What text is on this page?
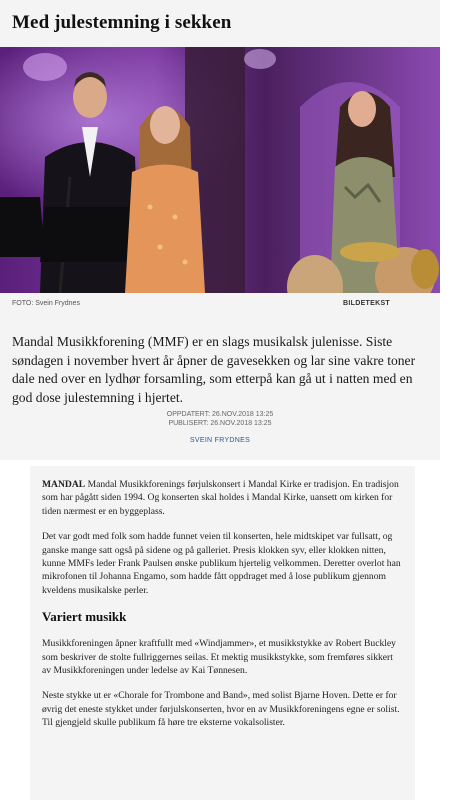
Med julestemning i sekken
FOTO: Svein Frydnes	BILDETEKST

Mandal Musikkforening (MMF) er en slags musikalsk julenisse. Siste søndagen i november hvert år åpner de gavesekken og lar sine vakre toner dale ned over en lydhør forsamling, som etterpå kan gå ut i natten med en god dose julestemning i hjertet.

OPPDATERT: 26.NOV.2018 13:25
PUBLISERT: 26.NOV.2018 13:25
SVEIN FRYDNES

MANDAL Mandal Musikkforenings førjulskonsert i Mandal Kirke er tradisjon. En tradisjon som har pågått siden 1994. Og konserten skal holdes i Mandal Kirke, uansett om kirken for tiden nærmest er en byggeplass.

Det var godt med folk som hadde funnet veien til konserten, hele midtskipet var fullsatt, og ganske mange satt også på sidene og på galleriet. Presis klokken syv, eller klokken nitten, kunne MMFs leder Frank Paulsen ønske publikum hjertelig velkommen. Deretter overlot han mikrofonen til Johanna Engamo, som hadde fått oppdraget med å lose publikum gjennom kveldens musikalske perler.

Variert musikk

Musikkforeningen åpner kraftfullt med «Windjammer», et musikkstykke av Robert Buckley som beskriver de stolte fullriggernes seilas. Et mektig musikkstykke, som fremføres sikkert av Musikkforeningen under ledelse av Kai Tønnesen.

Neste stykke ut er «Chorale for Trombone and Band», med solist Bjarne Hoven. Dette er for øvrig det eneste stykket under førjulskonserten, hvor en av Musikkforeningens egne er solist. Til gjengjeld skulle publikum få høre tre eksterne vokalsolister.
